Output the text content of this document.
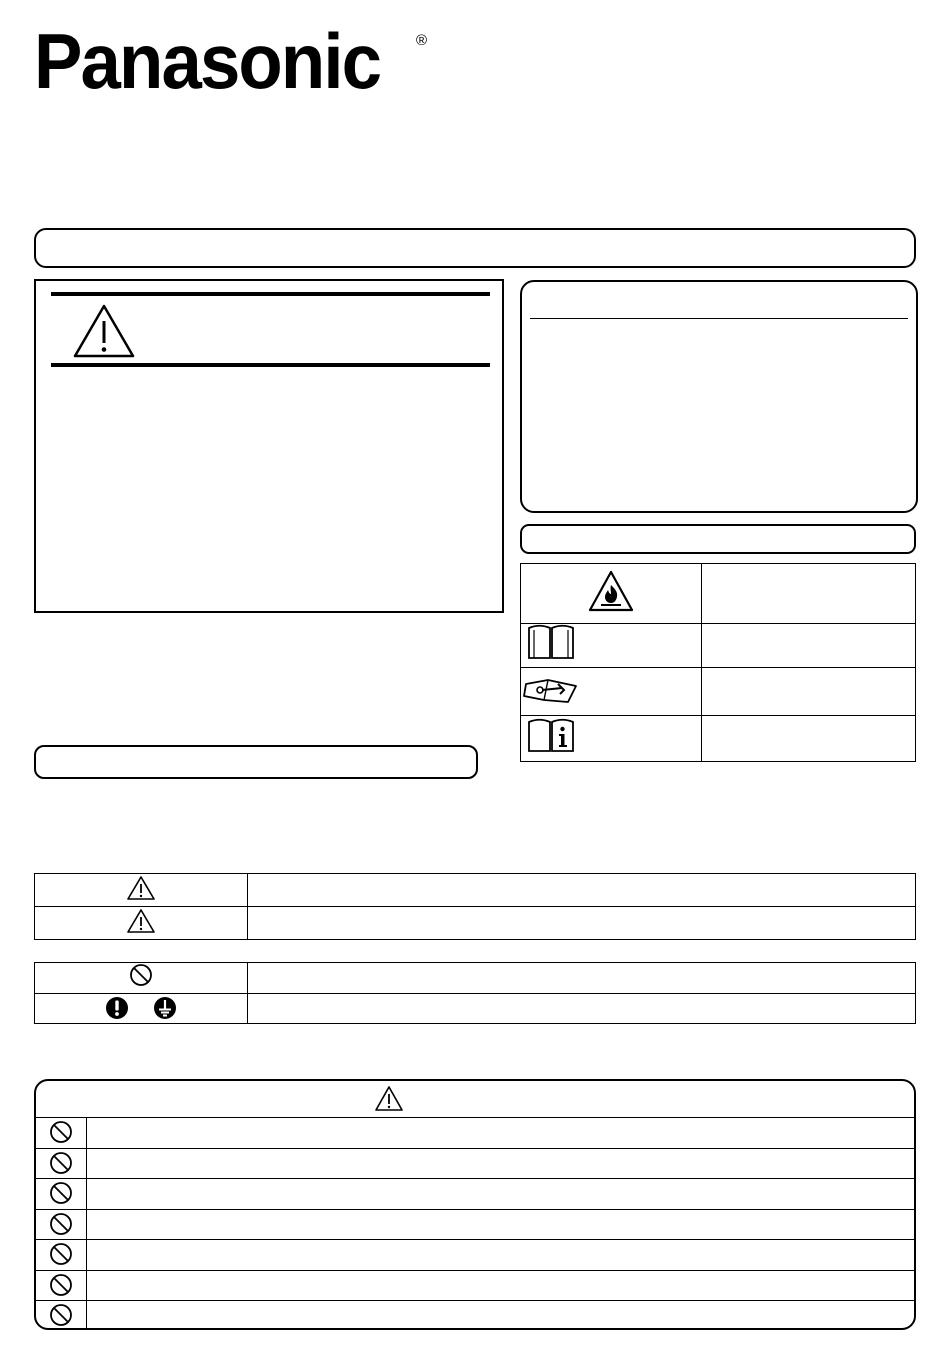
Panasonic ®
